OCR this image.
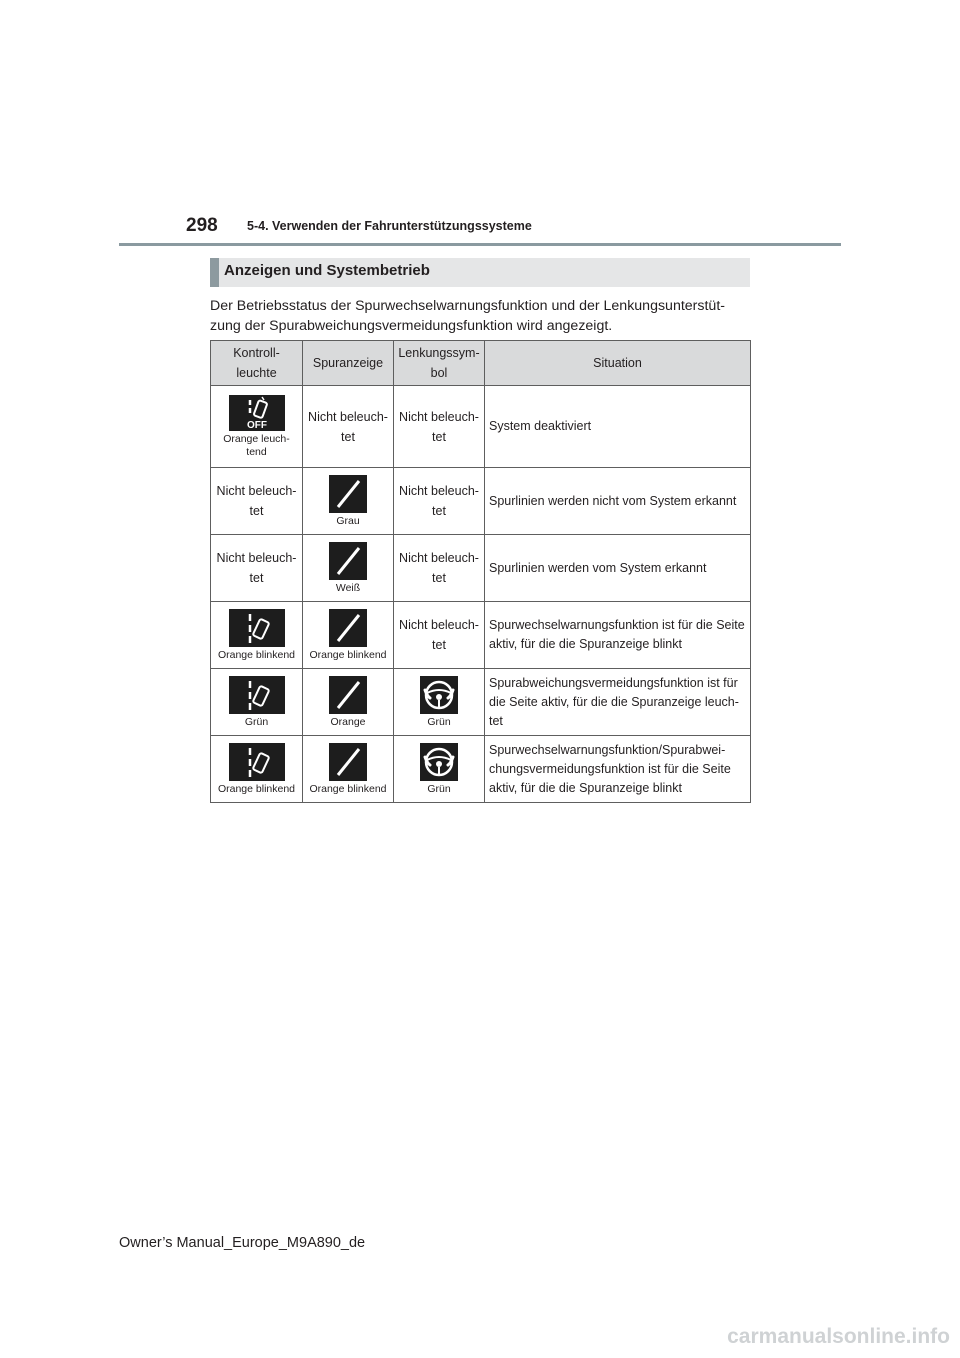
298 5-4. Verwenden der Fahrunterstützungssysteme
Anzeigen und Systembetrieb
Der Betriebsstatus der Spurwechselwarnungsfunktion und der Lenkungsunterstüt-zung der Spurabweichungsvermeidungsfunktion wird angezeigt.
Kontroll-leuchte	Spuranzeige	Lenkungssym-bol	Situation

OFF
Orange leuch-tend	Nicht beleuch-tet	Nicht beleuch-tet	System deaktiviert
Nicht beleuch-tet	Grau	Nicht beleuch-tet	Spurlinien werden nicht vom System erkannt
Nicht beleuch-tet	Weiß	Nicht beleuch-tet	Spurlinien werden vom System erkannt

Orange blinkend	Orange blinkend	Nicht beleuch-tet	Spurwechselwarnungsfunktion ist für die Seite aktiv, für die die Spuranzeige blinkt

Grün	Orange	Grün	Spurabweichungsvermeidungsfunktion ist für die Seite aktiv, für die die Spuranzeige leuch-tet

Orange blinkend	Orange blinkend	Grün	Spurwechselwarnungsfunktion/Spurabwei-chungsvermeidungsfunktion ist für die Seite aktiv, für die die Spuranzeige blinkt
Owner’s Manual_Europe_M9A890_de
carmanualsonline.info
